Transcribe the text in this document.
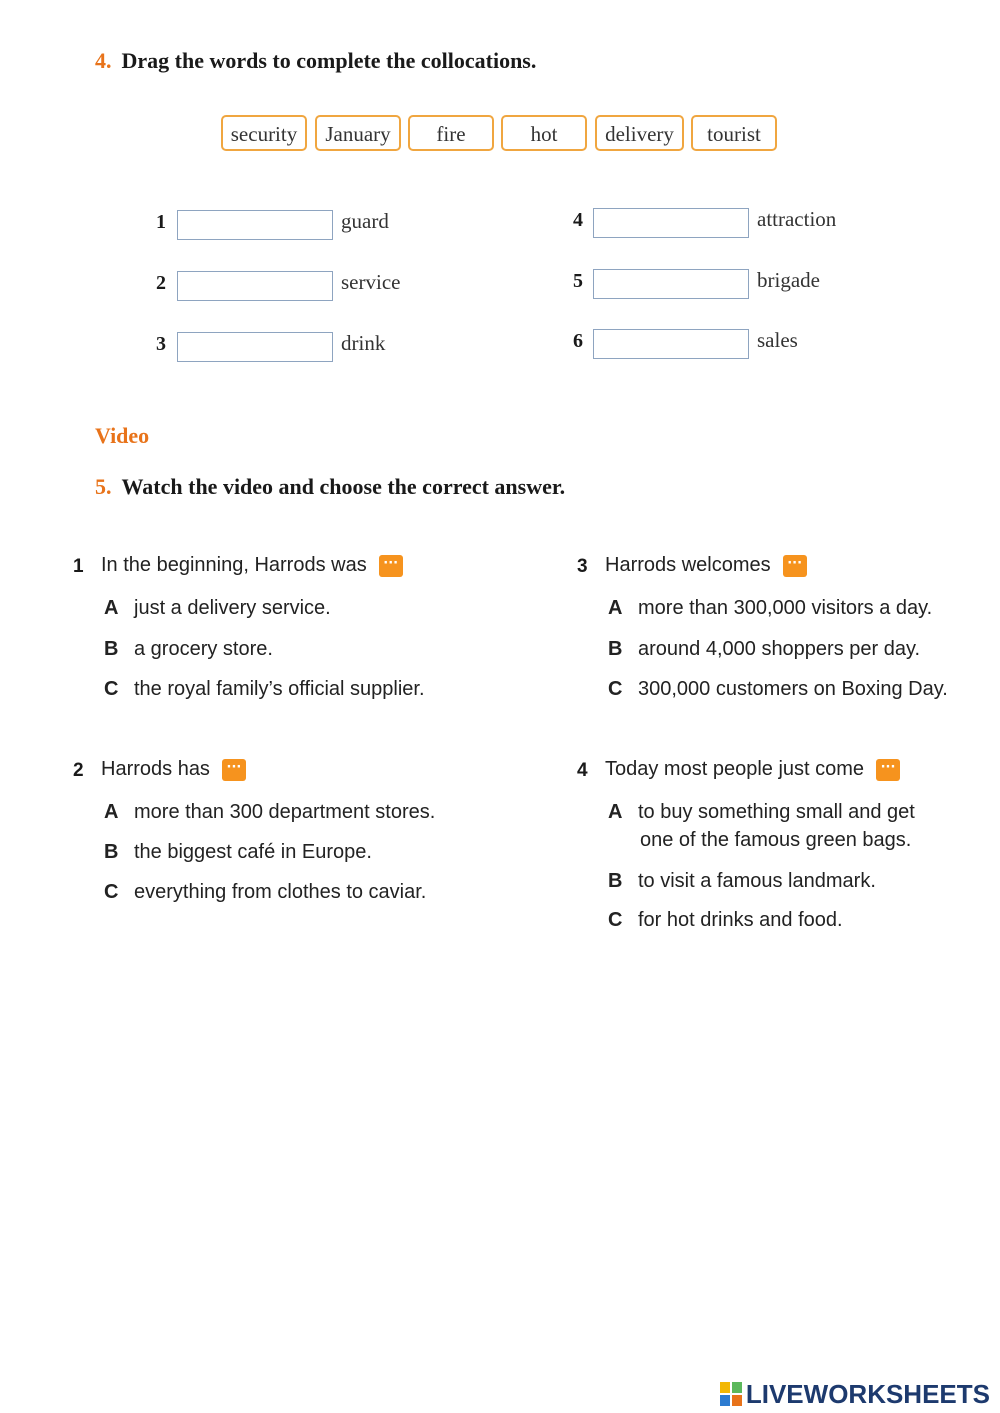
4. Drag the words to complete the collocations.
security	January	fire	hot	delivery	tourist
1	guard
2	service
3	drink
4	attraction
5	brigade
6	sales
Video
5. Watch the video and choose the correct answer.
1 In the beginning, Harrods was ···
A just a delivery service.
B a grocery store.
C the royal family’s official supplier.
2 Harrods has ···
A more than 300 department stores.
B the biggest café in Europe.
C everything from clothes to caviar.
3 Harrods welcomes ···
A more than 300,000 visitors a day.
B around 4,000 shoppers per day.
C 300,000 customers on Boxing Day.
4 Today most people just come ···
A to buy something small and get
one of the famous green bags.
B to visit a famous landmark.
C for hot drinks and food.
LIVEWORKSHEETS
